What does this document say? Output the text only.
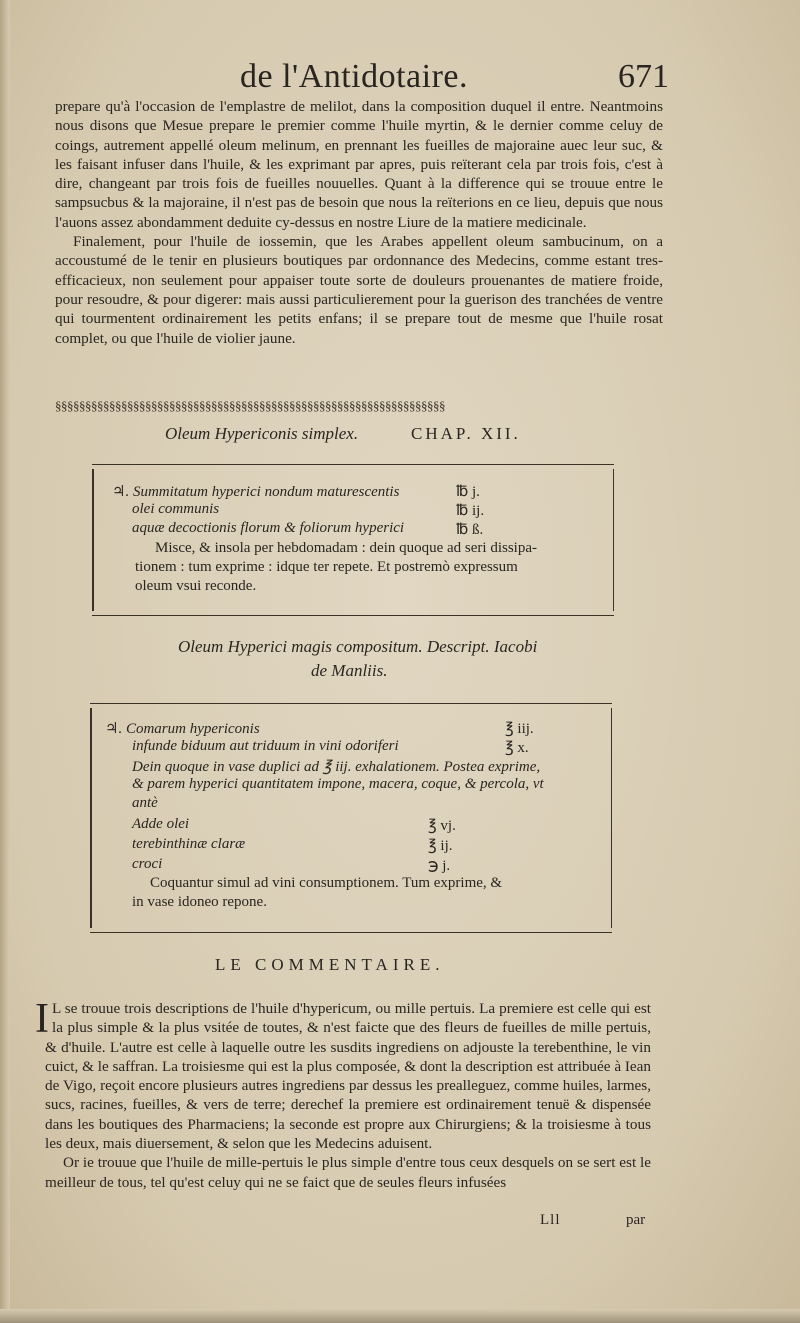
de l'Antidotaire.	671

prepare qu'à l'occasion de l'emplastre de melilot, dans la composition duquel il entre. Neantmoins nous disons que Mesue prepare le premier comme l'huile myrtin, & le dernier comme celuy de coings, autrement appellé oleum melinum, en prennant les fueilles de majoraine auec leur suc, & les faisant infuser dans l'huile, & les exprimant par apres, puis reïterant cela par trois fois, c'est à dire, changeant par trois fois de fueilles nouuelles. Quant à la difference qui se trouue entre le sampsucbus & la majoraine, il n'est pas de besoin que nous la reïterions en ce lieu, depuis que nous l'auons assez abondamment deduite cy-dessus en nostre Liure de la matiere medicinale.

Finalement, pour l'huile de iossemin, que les Arabes appellent oleum sambucinum, on a accoustumé de le tenir en plusieurs boutiques par ordonnance des Medecins, comme estant tres-efficacieux, non seulement pour appaiser toute sorte de douleurs prouenantes de matiere froide, pour resoudre, & pour digerer: mais aussi particulierement pour la guerison des tranchées de ventre qui tourmentent ordinairement les petits enfans; il se prepare tout de mesme que l'huile rosat complet, ou que l'huile de violier jaune.

§§§§§§§§§§§§§§§§§§§§§§§§§§§§§§§§§§§§§§§§§§§§§§§§§§§§§§§§§§§§§§§§§
Oleum Hypericonis simplex.	CHAP. XII.
♃. Summitatum hyperici nondum maturescentis	℔ j.
olei communis	℔ ij.
aquæ decoctionis florum & foliorum hyperici	℔ ß.
Misce, & insola per hebdomadam : dein quoque ad seri dissipa-
tionem : tum exprime : idque ter repete. Et postremò expressum
oleum vsui reconde.
Oleum Hyperici magis compositum. Descript. Iacobi
de Manliis.
♃. Comarum hypericonis	℥ iij.
infunde biduum aut triduum in vini odoriferi	℥ x.
Dein quoque in vase duplici ad ℥ iij. exhalationem. Postea exprime,
& parem hyperici quantitatem impone, macera, coque, & percola, vt
antè
Adde olei	℥ vj.
terebinthinæ claræ	℥ ij.
croci	℈ j.
Coquantur simul ad vini consumptionem. Tum exprime, &
in vase idoneo repone.
LE COMMENTAIRE.

I L se trouue trois descriptions de l'huile d'hypericum, ou mille pertuis. La premiere est celle qui est la plus simple & la plus vsitée de toutes, & n'est faicte que des fleurs de fueilles de mille pertuis, & d'huile. L'autre est celle à laquelle outre les susdits ingrediens on adjouste la terebenthine, le vin cuict, & le saffran. La troisiesme qui est la plus composée, & dont la description est attribuée à Iean de Vigo, reçoit encore plusieurs autres ingrediens par dessus les prealleguez, comme huiles, larmes, sucs, racines, fueilles, & vers de terre; derechef la premiere est ordinairement tenuë & dispensée dans les boutiques des Pharmaciens; la seconde est propre aux Chirurgiens; & la troisiesme à tous les deux, mais diuersement, & selon que les Medecins aduisent.

Or ie trouue que l'huile de mille-pertuis le plus simple d'entre tous ceux desquels on se sert est le meilleur de tous, tel qu'est celuy qui ne se faict que de seules fleurs infusées

Lll	par
